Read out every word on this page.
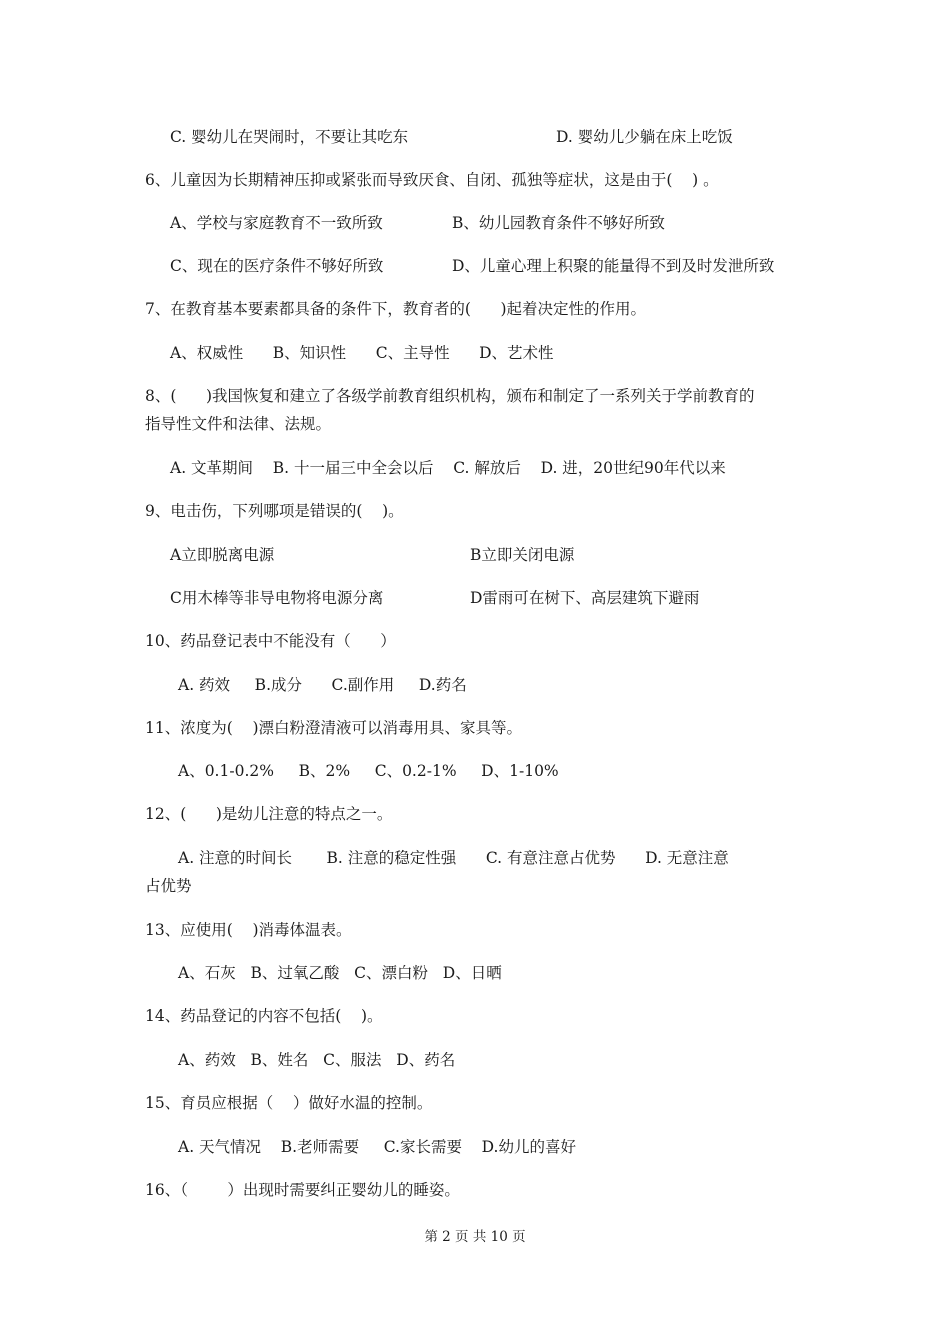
C. 婴幼儿在哭闹时，不要让其吃东	D. 婴幼儿少躺在床上吃饭
6、儿童因为长期精神压抑或紧张而导致厌食、自闭、孤独等症状，这是由于(    ) 。
A、学校与家庭教育不一致所致	B、幼儿园教育条件不够好所致
C、现在的医疗条件不够好所致	D、儿童心理上积聚的能量得不到及时发泄所致
7、在教育基本要素都具备的条件下，教育者的(      )起着决定性的作用。
A、权威性      B、知识性      C、主导性      D、艺术性
8、(      )我国恢复和建立了各级学前教育组织机构，颁布和制定了一系列关于学前教育的
指导性文件和法律、法规。
A. 文革期间    B. 十一届三中全会以后    C. 解放后    D. 进，20世纪90年代以来
9、电击伤，下列哪项是错误的(    )。
A立即脱离电源	B立即关闭电源
C用木棒等非导电物将电源分离	D雷雨可在树下、高层建筑下避雨
10、药品登记表中不能没有（      ）
A. 药效     B.成分      C.副作用     D.药名
11、浓度为(    )漂白粉澄清液可以消毒用具、家具等。
A、0.1-0.2%     B、2%     C、0.2-1%     D、1-10%
12、(      )是幼儿注意的特点之一。
A. 注意的时间长       B. 注意的稳定性强      C. 有意注意占优势      D. 无意注意
占优势
13、应使用(    )消毒体温表。
A、石灰   B、过氧乙酸   C、漂白粉   D、日晒
14、药品登记的内容不包括(    )。
A、药效   B、姓名   C、服法   D、药名
15、育员应根据（    ）做好水温的控制。
A. 天气情况    B.老师需要     C.家长需要    D.幼儿的喜好
16、（        ）出现时需要纠正婴幼儿的睡姿。
第 2 页 共 10 页
